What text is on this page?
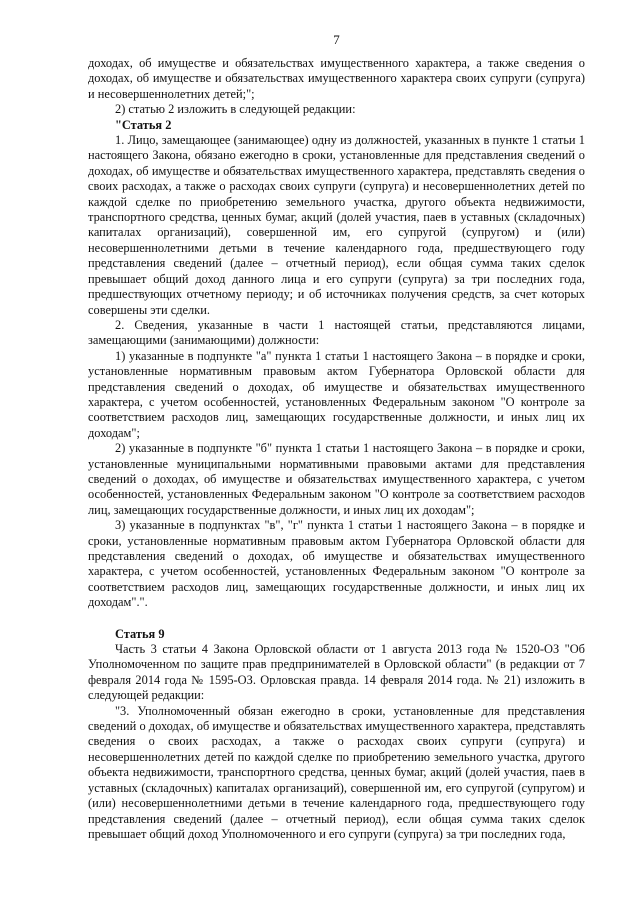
7
доходах, об имуществе и обязательствах имущественного характера, а также сведения о доходах, об имуществе и обязательствах имущественного характера своих супруги (супруга) и несовершеннолетних детей;";
2) статью 2 изложить в следующей редакции:
"Статья 2
1. Лицо, замещающее (занимающее) одну из должностей, указанных в пункте 1 статьи 1 настоящего Закона, обязано ежегодно в сроки, установленные для представления сведений о доходах, об имуществе и обязательствах имущественного характера, представлять сведения о своих расходах, а также о расходах своих супруги (супруга) и несовершеннолетних детей по каждой сделке по приобретению земельного участка, другого объекта недвижимости, транспортного средства, ценных бумаг, акций (долей участия, паев в уставных (складочных) капиталах организаций), совершенной им, его супругой (супругом) и (или) несовершеннолетними детьми в течение календарного года, предшествующего году представления сведений (далее – отчетный период), если общая сумма таких сделок превышает общий доход данного лица и его супруги (супруга) за три последних года, предшествующих отчетному периоду; и об источниках получения средств, за счет которых совершены эти сделки.
2. Сведения, указанные в части 1 настоящей статьи, представляются лицами, замещающими (занимающими) должности:
1) указанные в подпункте "а" пункта 1 статьи 1 настоящего Закона – в порядке и сроки, установленные нормативным правовым актом Губернатора Орловской области для представления сведений о доходах, об имуществе и обязательствах имущественного характера, с учетом особенностей, установленных Федеральным законом "О контроле за соответствием расходов лиц, замещающих государственные должности, и иных лиц их доходам";
2) указанные в подпункте "б" пункта 1 статьи 1 настоящего Закона – в порядке и сроки, установленные муниципальными нормативными правовыми актами для представления сведений о доходах, об имуществе и обязательствах имущественного характера, с учетом особенностей, установленных Федеральным законом "О контроле за соответствием расходов лиц, замещающих государственные должности, и иных лиц их доходам";
3) указанные в подпунктах "в", "г" пункта 1 статьи 1 настоящего Закона – в порядке и сроки, установленные нормативным правовым актом Губернатора Орловской области для представления сведений о доходах, об имуществе и обязательствах имущественного характера, с учетом особенностей, установленных Федеральным законом "О контроле за соответствием расходов лиц, замещающих государственные должности, и иных лиц их доходам".".
Статья 9
Часть 3 статьи 4 Закона Орловской области от 1 августа 2013 года № 1520-ОЗ "Об Уполномоченном по защите прав предпринимателей в Орловской области" (в редакции от 7 февраля 2014 года № 1595-ОЗ. Орловская правда. 14 февраля 2014 года. № 21) изложить в следующей редакции:
"3. Уполномоченный обязан ежегодно в сроки, установленные для представления сведений о доходах, об имуществе и обязательствах имущественного характера, представлять сведения о своих расходах, а также о расходах своих супруги (супруга) и несовершеннолетних детей по каждой сделке по приобретению земельного участка, другого объекта недвижимости, транспортного средства, ценных бумаг, акций (долей участия, паев в уставных (складочных) капиталах организаций), совершенной им, его супругой (супругом) и (или) несовершеннолетними детьми в течение календарного года, предшествующего году представления сведений (далее – отчетный период), если общая сумма таких сделок превышает общий доход Уполномоченного и его супруги (супруга) за три последних года,
